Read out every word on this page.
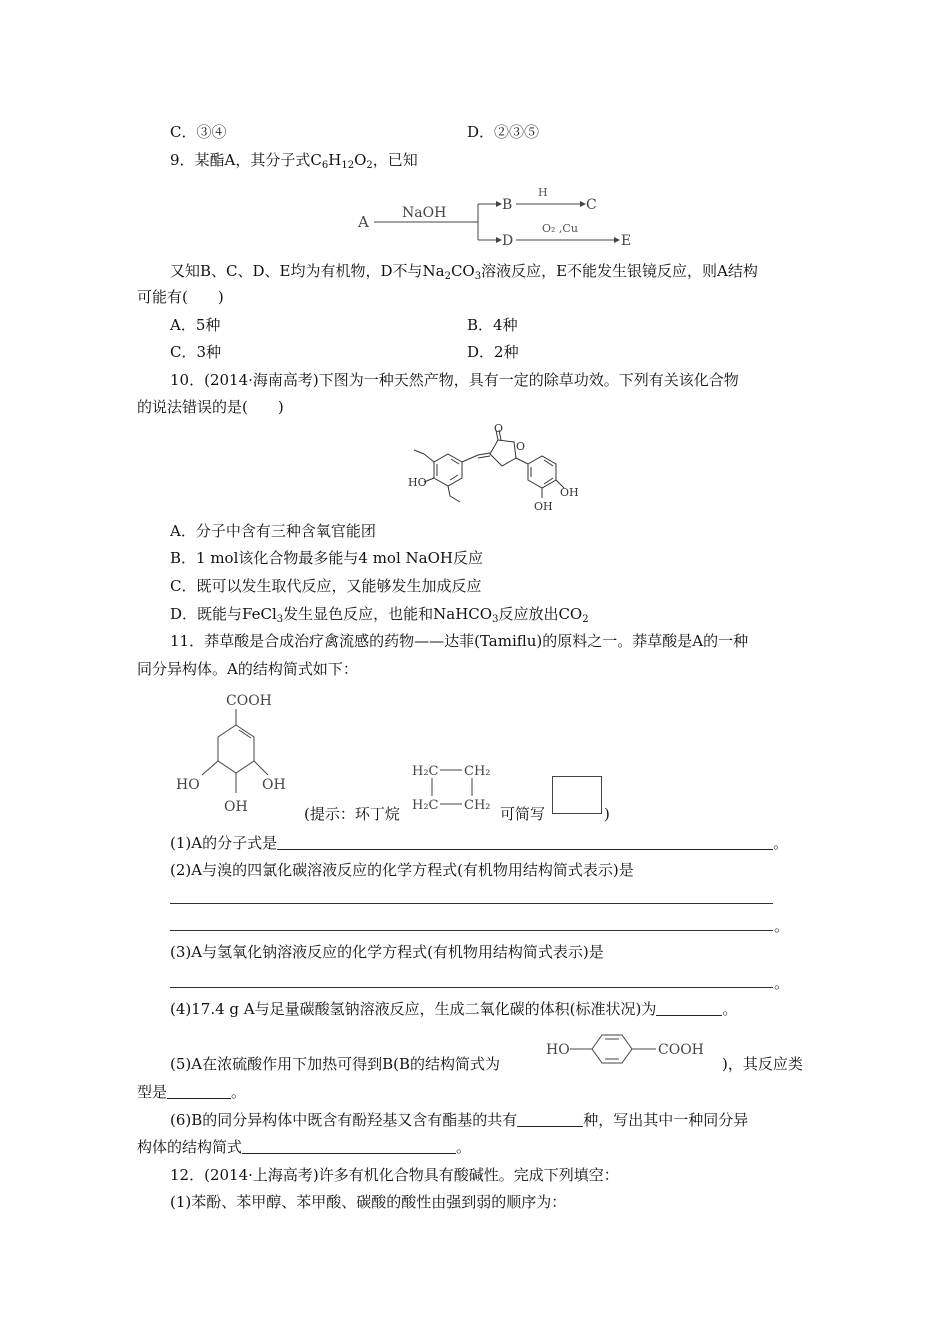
C．③④	D．②③⑤
9．某酯A，其分子式$C_6H_{12}O_2$，已知
A NaOH	B
H
C
D
O₂ ,Cu
E
又知B、C、D、E均为有机物，D不与$Na_2CO_3$溶液反应，E不能发生银镜反应，则A结构
可能有(　　)
A．5种	B．4种
C．3种	D．2种
10．(2014·海南高考)下图为一种天然产物，具有一定的除草功效。下列有关该化合物
的说法错误的是(　　)
O
O
HO
OH
OH
A．分子中含有三种含氧官能团
B．1 mol该化合物最多能与4 mol NaOH反应
C．既可以发生取代反应，又能够发生加成反应
D．既能与FeCl$_3$发生显色反应，也能和NaHCO$_3$反应放出$CO_2$
11．莽草酸是合成治疗禽流感的药物——达菲(Tamiflu)的原料之一。莽草酸是A的一种
同分异构体。A的结构简式如下：
COOH
HO	OH
OH	(提示：环丁烷
H₂C CH₂
H₂C CH₂ 可简写	)
(1)A的分子式是	。
(2)A与溴的四氯化碳溶液反应的化学方程式(有机物用结构简式表示)是
。
(3)A与氢氧化钠溶液反应的化学方程式(有机物用结构简式表示)是
。
(4)17.4 g A与足量碳酸氢钠溶液反应，生成二氧化碳的体积(标准状况)为	。
(5)A在浓硫酸作用下加热可得到B(B的结构简式为
HO	COOH
)，其反应类
型是	。
(6)B的同分异构体中既含有酚羟基又含有酯基的共有	种，写出其中一种同分异
构体的结构简式	。
12．(2014·上海高考)许多有机化合物具有酸碱性。完成下列填空：
(1)苯酚、苯甲醇、苯甲酸、碳酸的酸性由强到弱的顺序为：
